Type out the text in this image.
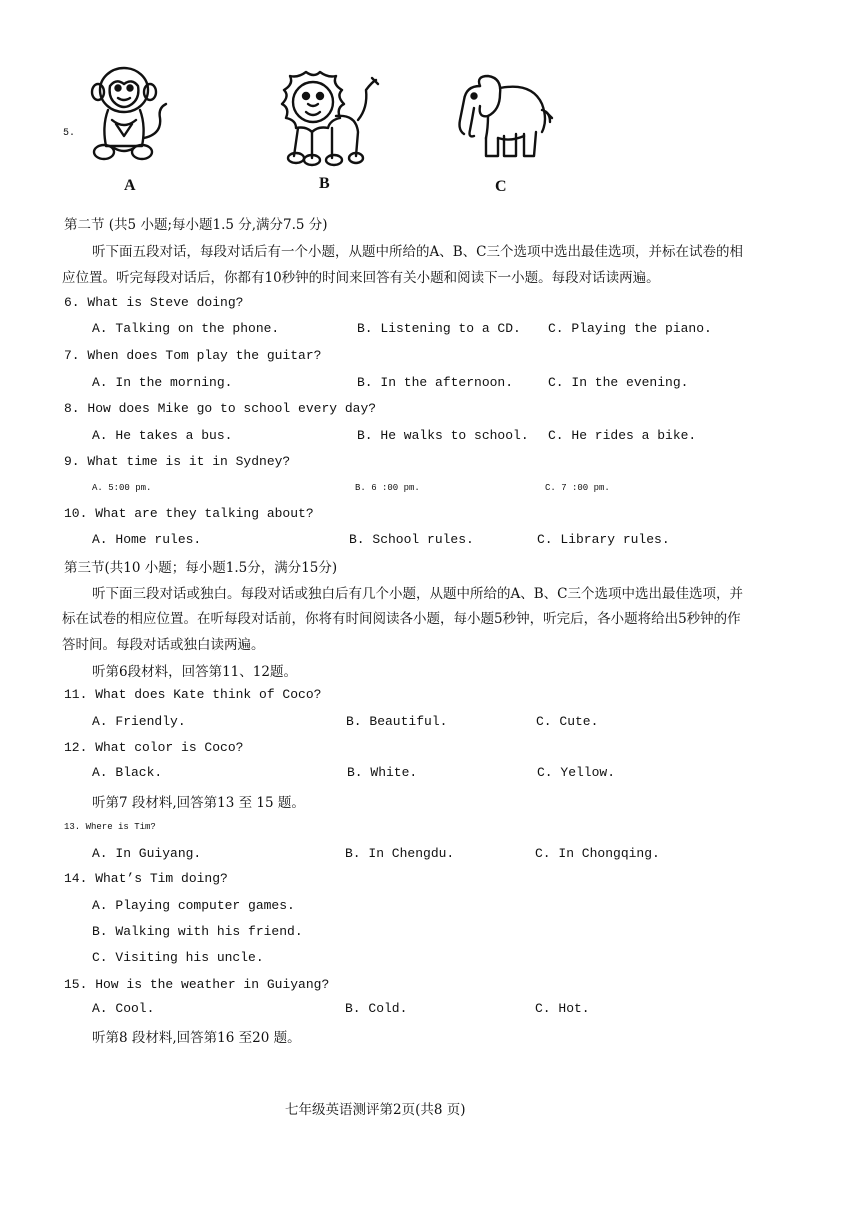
5.
A	B	C
第二节 (共5 小题;每小题1.5 分,满分7.5 分)
听下面五段对话，每段对话后有一个小题，从题中所给的A、B、C三个选项中选出最佳选项，并标在试卷的相
应位置。听完每段对话后，你都有10秒钟的时间来回答有关小题和阅读下一小题。每段对话读两遍。
6. What is Steve doing?
A. Talking on the phone.	B. Listening to a CD. C. Playing the piano.
7. When does Tom play the guitar?
A. In the morning.	B. In the afternoon.	C. In the evening.
8. How does Mike go to school every day?
A. He takes a bus.	B. He walks to school. C. He rides a bike.
9. What time is it in Sydney?
A. 5:00 pm.	B. 6 :00 pm.	C. 7 :00 pm.
10. What are they talking about?
A. Home rules.	B. School rules.	C. Library rules.
第三节(共10 小题；每小题1.5分，满分15分)
听下面三段对话或独白。每段对话或独白后有几个小题，从题中所给的A、B、C三个选项中选出最佳选项，并
标在试卷的相应位置。在听每段对话前，你将有时间阅读各小题，每小题5秒钟，听完后，各小题将给出5秒钟的作
答时间。每段对话或独白读两遍。
听第6段材料，回答第11、12题。
11. What does Kate think of Coco?
A. Friendly.	B. Beautiful.	C. Cute.
12. What color is Coco?
A. Black.	B. White.	C. Yellow.
听第7 段材料,回答第13 至 15 题。
13. Where is Tim?
A. In Guiyang.	B. In Chengdu.	C. In Chongqing.
14. What’s Tim doing?
A. Playing computer games.
B. Walking with his friend.
C. Visiting his uncle.
15. How is the weather in Guiyang?
A. Cool.	B. Cold.	C. Hot.
听第8 段材料,回答第16 至20 题。
七年级英语测评第2页(共8 页)
